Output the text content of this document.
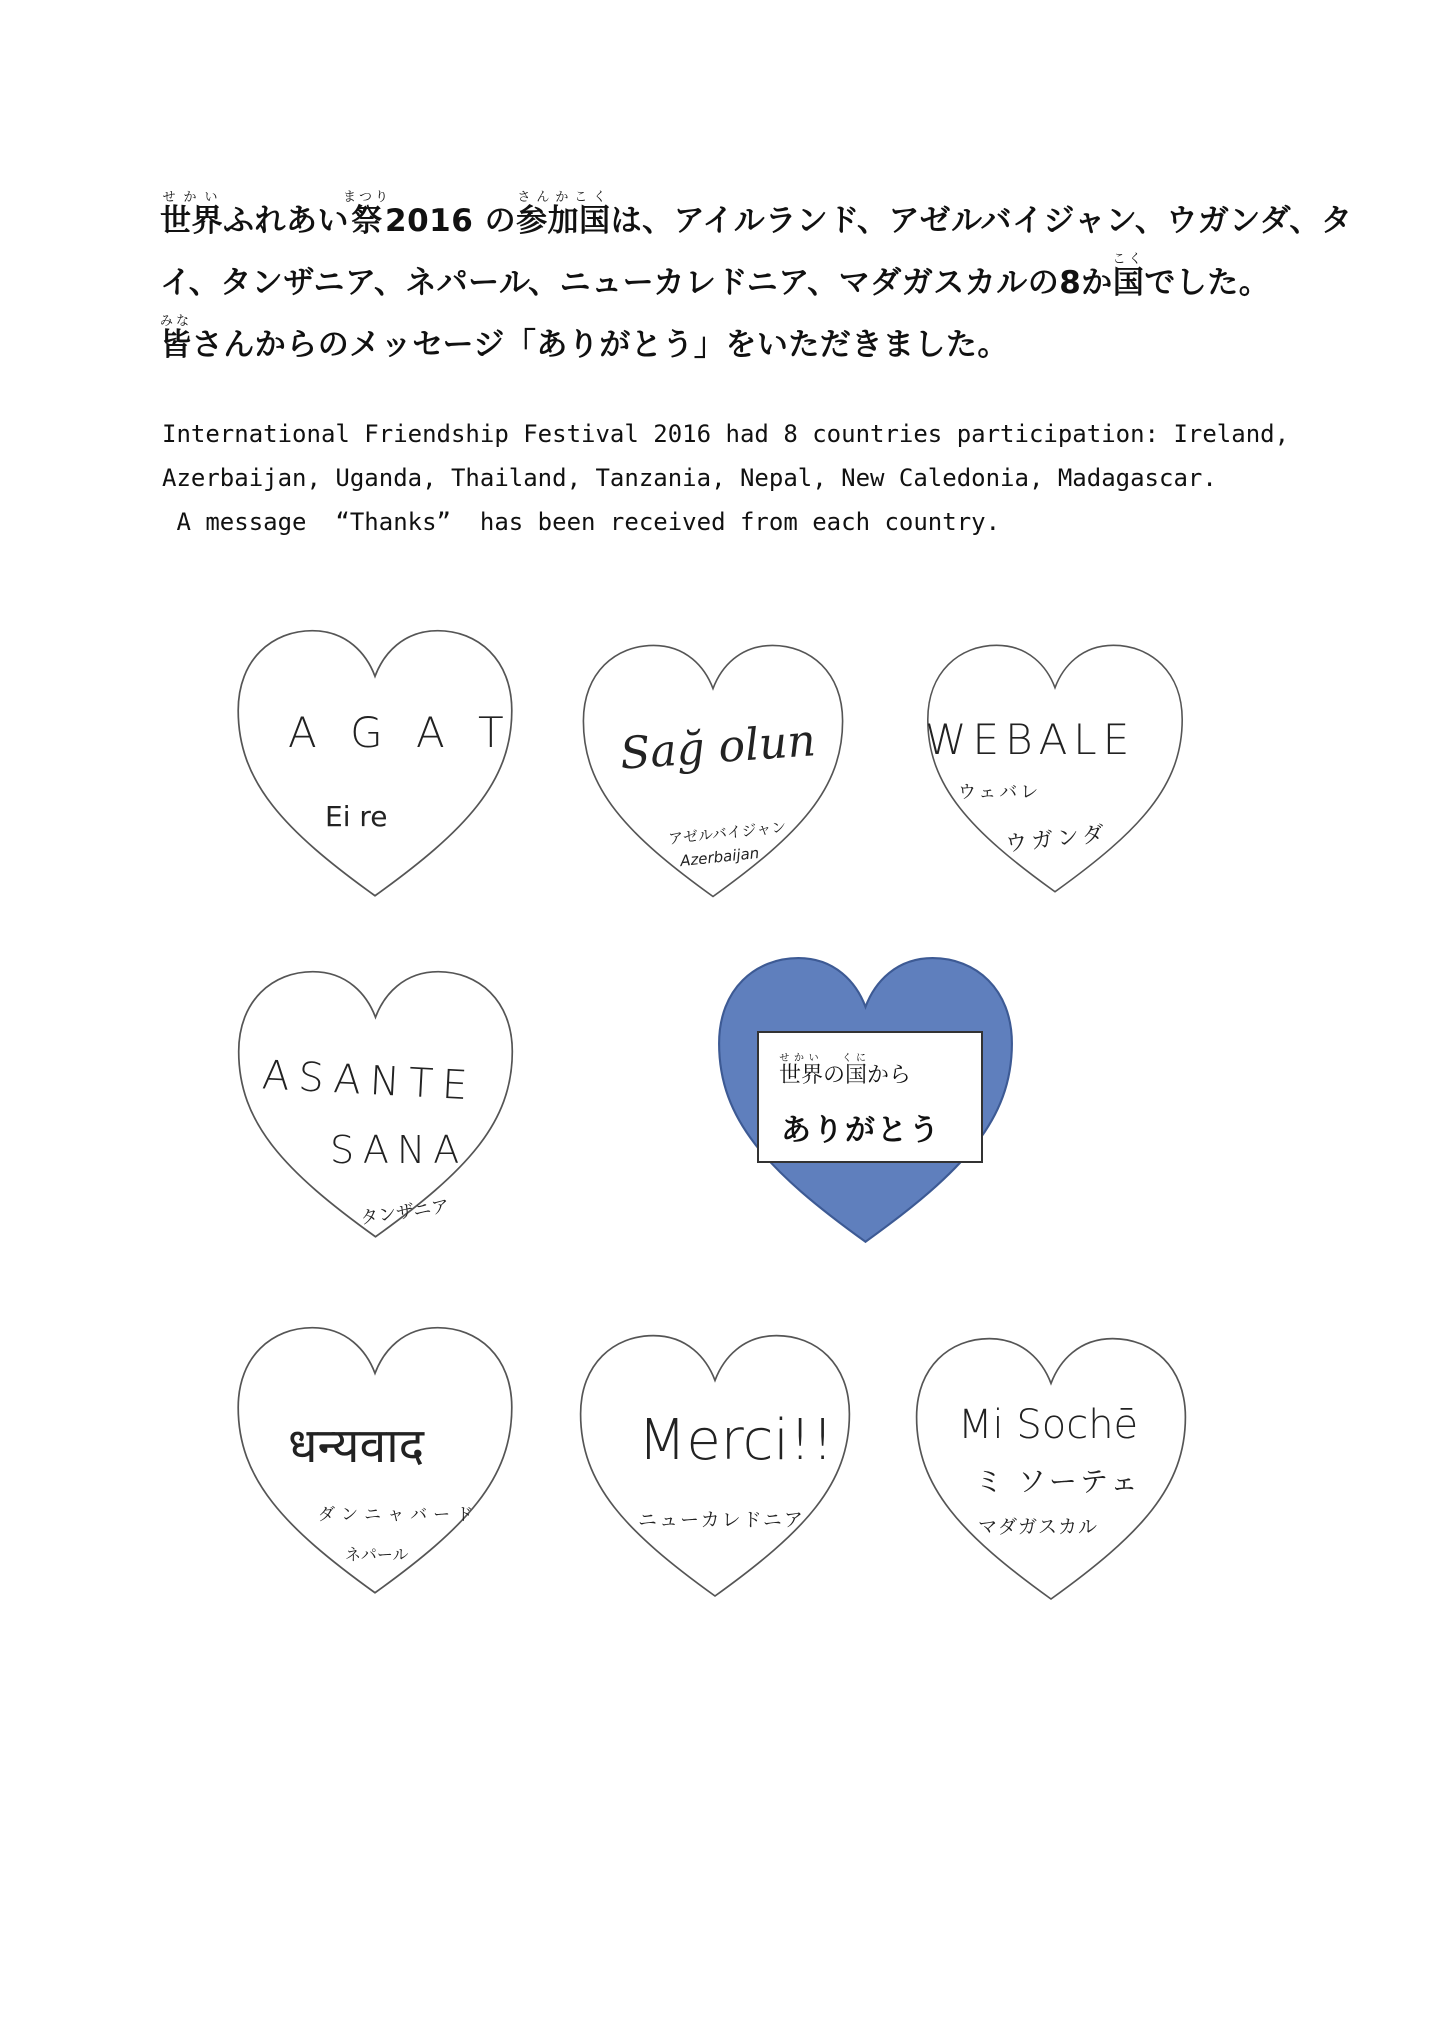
世界せかいふれあい祭まつり2016 の参加国さんかこくは、アイルランド、アゼルバイジャン、ウガンダ、タ
イ、タンザニア、ネパール、ニューカレドニア、マダガスカルの8か国こくでした。
皆みなさんからのメッセージ「ありがとう」をいただきました。
International Friendship Festival 2016 had 8 countries participation: Ireland,
Azerbaijan, Uganda, Thailand, Tanzania, Nepal, New Caledonia, Madagascar.
A message  “Thanks”  has been received from each country.
A G A T
Ei re
Sağ olun
アゼルバイジャン
Azerbaijan
WEBALE
ウェバレ
ウガンダ
ASANTE
SANA
タンザニア
世界せかいの国くにから
ありがとう
धन्यवाद
ダンニャバード
ネパール
Merci!!
ニューカレドニア
Mi Sochē
ミ ソーテェ
マダガスカル
